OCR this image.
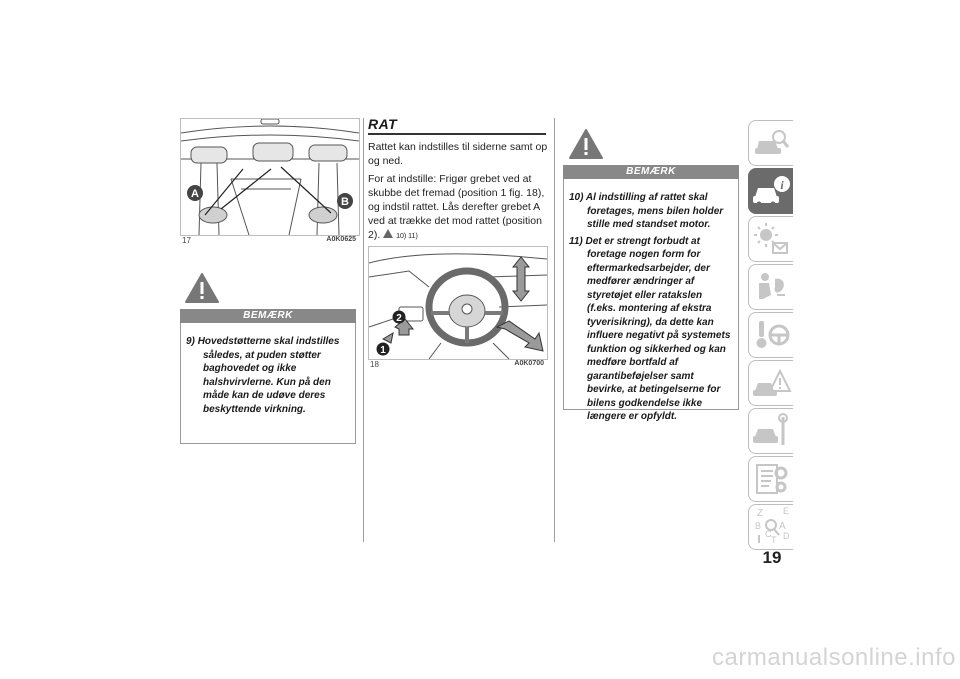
A
B
17	A0K0625
BEMÆRK

9) Hovedstøtterne skal indstilles således, at puden støtter baghovedet og ikke halshvirvlerne. Kun på den måde kan de udøve deres beskyttende virkning.

RAT

Rattet kan indstilles til siderne samt op og ned.

For at indstille: Frigør grebet ved at skubbe det fremad (position 1 fig. 18), og indstil rattet. Lås derefter grebet A ved at trække det mod rattet (position 2). 10) 11)

2
1
18	A0K0700
BEMÆRK

10) Al indstilling af rattet skal foretages, mens bilen holder stille med standset motor.

11) Det er strengt forbudt at foretage nogen form for eftermarkedsarbejder, der medfører ændringer af styretøjet eller ratakslen (f.eks. montering af ekstra tyverisikring), da dette kan influere negativt på systemets funktion og sikkerhed og kan medføre bortfald af garantibeføjelser samt bevirke, at betingelserne for bilens godkendelse ikke længere er opfyldt.

i
Z E
B A
C
T D
19
carmanualsonline.info
